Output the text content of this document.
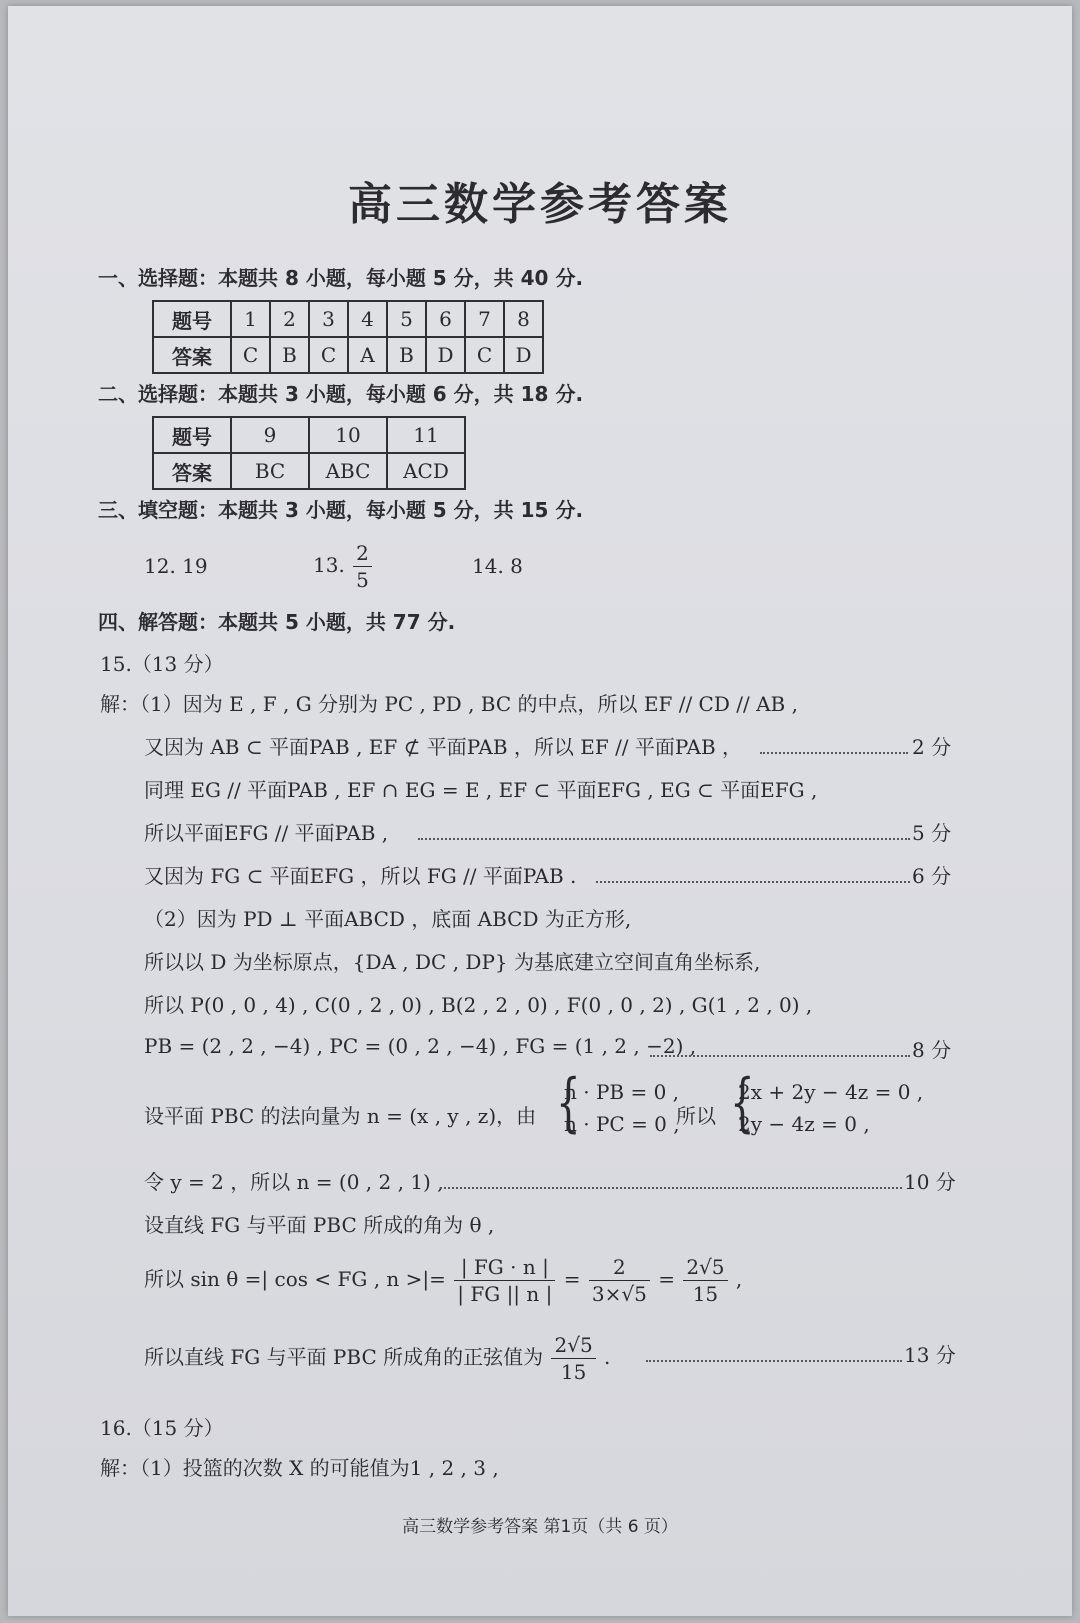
高三数学参考答案
一、选择题：本题共 8 小题，每小题 5 分，共 40 分.
题号	1	2	3	4	5	6	7	8
答案	C	B	C	A	B	D	C	D
二、选择题：本题共 3 小题，每小题 6 分，共 18 分.
题号	9	10	11
答案	BC	ABC	ACD
三、填空题：本题共 3 小题，每小题 5 分，共 15 分.
12. 19	13. $\frac{2}{5}$	14. 8
四、解答题：本题共 5 小题，共 77 分.
15.（13 分）
解：（1）因为 E , F , G 分别为 PC , PD , BC 的中点，所以 EF // CD // AB ,
又因为 AB ⊂ 平面PAB , EF ⊄ 平面PAB ，所以 EF // 平面PAB ，	2 分
同理 EG // 平面PAB , EF ∩ EG = E , EF ⊂ 平面EFG , EG ⊂ 平面EFG ,
所以平面EFG // 平面PAB ,	5 分
又因为 FG ⊂ 平面EFG ，所以 FG // 平面PAB .	6 分
（2）因为 PD ⊥ 平面ABCD ，底面 ABCD 为正方形,
所以以 D 为坐标原点，{DA , DC , DP} 为基底建立空间直角坐标系,
所以 P(0 , 0 , 4) , C(0 , 2 , 0) , B(2 , 2 , 0) , F(0 , 0 , 2) , G(1 , 2 , 0) ,
PB = (2 , 2 , −4) , PC = (0 , 2 , −4) , FG = (1 , 2 , −2) ,	8 分
设平面 PBC 的法向量为 n = (x , y , z)，由 {
n · PB = 0 ,
n · PC = 0 ,
所以 {
2x + 2y − 4z = 0 ,
2y − 4z = 0 ,
令 y = 2 ，所以 n = (0 , 2 , 1) ,	10 分
设直线 FG 与平面 PBC 所成的角为 θ ,
所以 sin θ =| cos < FG , n >|= $\frac{| FG \cdot n |}{| FG || n |} = \frac{2}{3\times√5} = \frac{2√5}{15}$ ,
所以直线 FG 与平面 PBC 所成角的正弦值为 $\frac{2√5}{15}$ .	13 分
16.（15 分）
解：（1）投篮的次数 X 的可能值为1 , 2 , 3 ,
高三数学参考答案 第1页（共 6 页）
